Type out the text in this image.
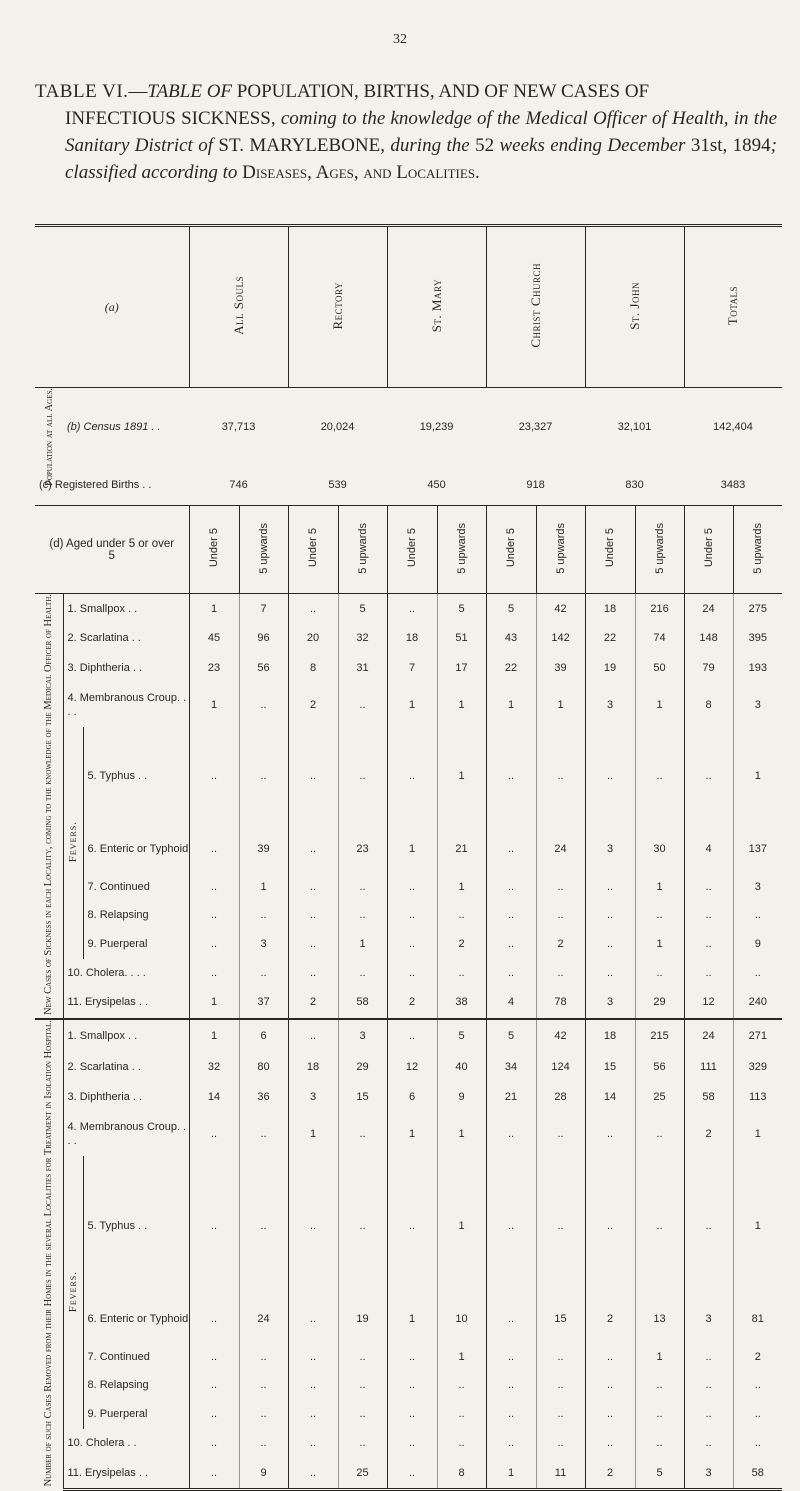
32
TABLE VI.—TABLE OF POPULATION, BIRTHS, AND OF NEW CASES OF
INFECTIOUS SICKNESS, coming to the knowledge of the Medical Officer of Health, in the Sanitary District of ST. MARYLEBONE, during the 52 weeks ending December 31st, 1894; classified according to Diseases, Ages, and Localities.
(a)	All Souls	Rectory	St. Mary	Christ Church	St. John	Totals
Population at all Ages.	(b) Census 1891 . .	37,713	20,024	19,239	23,327	32,101	142,404
(c) Registered Births . .	746	539	450	918	830	3483
(d) Aged under 5 or over 5	Under 5	5 upwards	Under 5	5 upwards	Under 5	5 upwards	Under 5	5 upwards	Under 5	5 upwards	Under 5	5 upwards
New Cases of Sickness in each Locality, coming to the knowledge of the Medical Officer of Health.	1. Smallpox . .	1	7	..	5	..	5	5	42	18	216	24	275
2. Scarlatina . .	45	96	20	32	18	51	43	142	22	74	148	395
3. Diphtheria . .	23	56	8	31	7	17	22	39	19	50	79	193
4. Membranous Croup. . . .	1	..	2	..	1	1	1	1	3	1	8	3
Fevers.	5. Typhus . .	..	..	..	..	..	1	..	..	..	..	..	1
6. Enteric or Typhoid	..	39	..	23	1	21	..	24	3	30	4	137
7. Continued	..	1	..	..	..	1	..	..	..	1	..	3
8. Relapsing	..	..	..	..	..	..	..	..	..	..	..	..
9. Puerperal	..	3	..	1	..	2	..	2	..	1	..	9
10. Cholera. . . .	..	..	..	..	..	..	..	..	..	..	..	..
11. Erysipelas . .	1	37	2	58	2	38	4	78	3	29	12	240
Number of such Cases Removed from their Homes in the several Localities for Treatment in Isolation Hospital.	1. Smallpox . .	1	6	..	3	..	5	5	42	18	215	24	271
2. Scarlatina . .	32	80	18	29	12	40	34	124	15	56	111	329
3. Diphtheria . .	14	36	3	15	6	9	21	28	14	25	58	113
4. Membranous Croup. . . .	..	..	1	..	1	1	..	..	..	..	2	1
Fevers.	5. Typhus . .	..	..	..	..	..	1	..	..	..	..	..	1
6. Enteric or Typhoid	..	24	..	19	1	10	..	15	2	13	3	81
7. Continued	..	..	..	..	..	1	..	..	..	1	..	2
8. Relapsing	..	..	..	..	..	..	..	..	..	..	..	..
9. Puerperal	..	..	..	..	..	..	..	..	..	..	..	..
10. Cholera . .	..	..	..	..	..	..	..	..	..	..	..	..
11. Erysipelas . .	..	9	..	25	..	8	1	11	2	5	3	58
